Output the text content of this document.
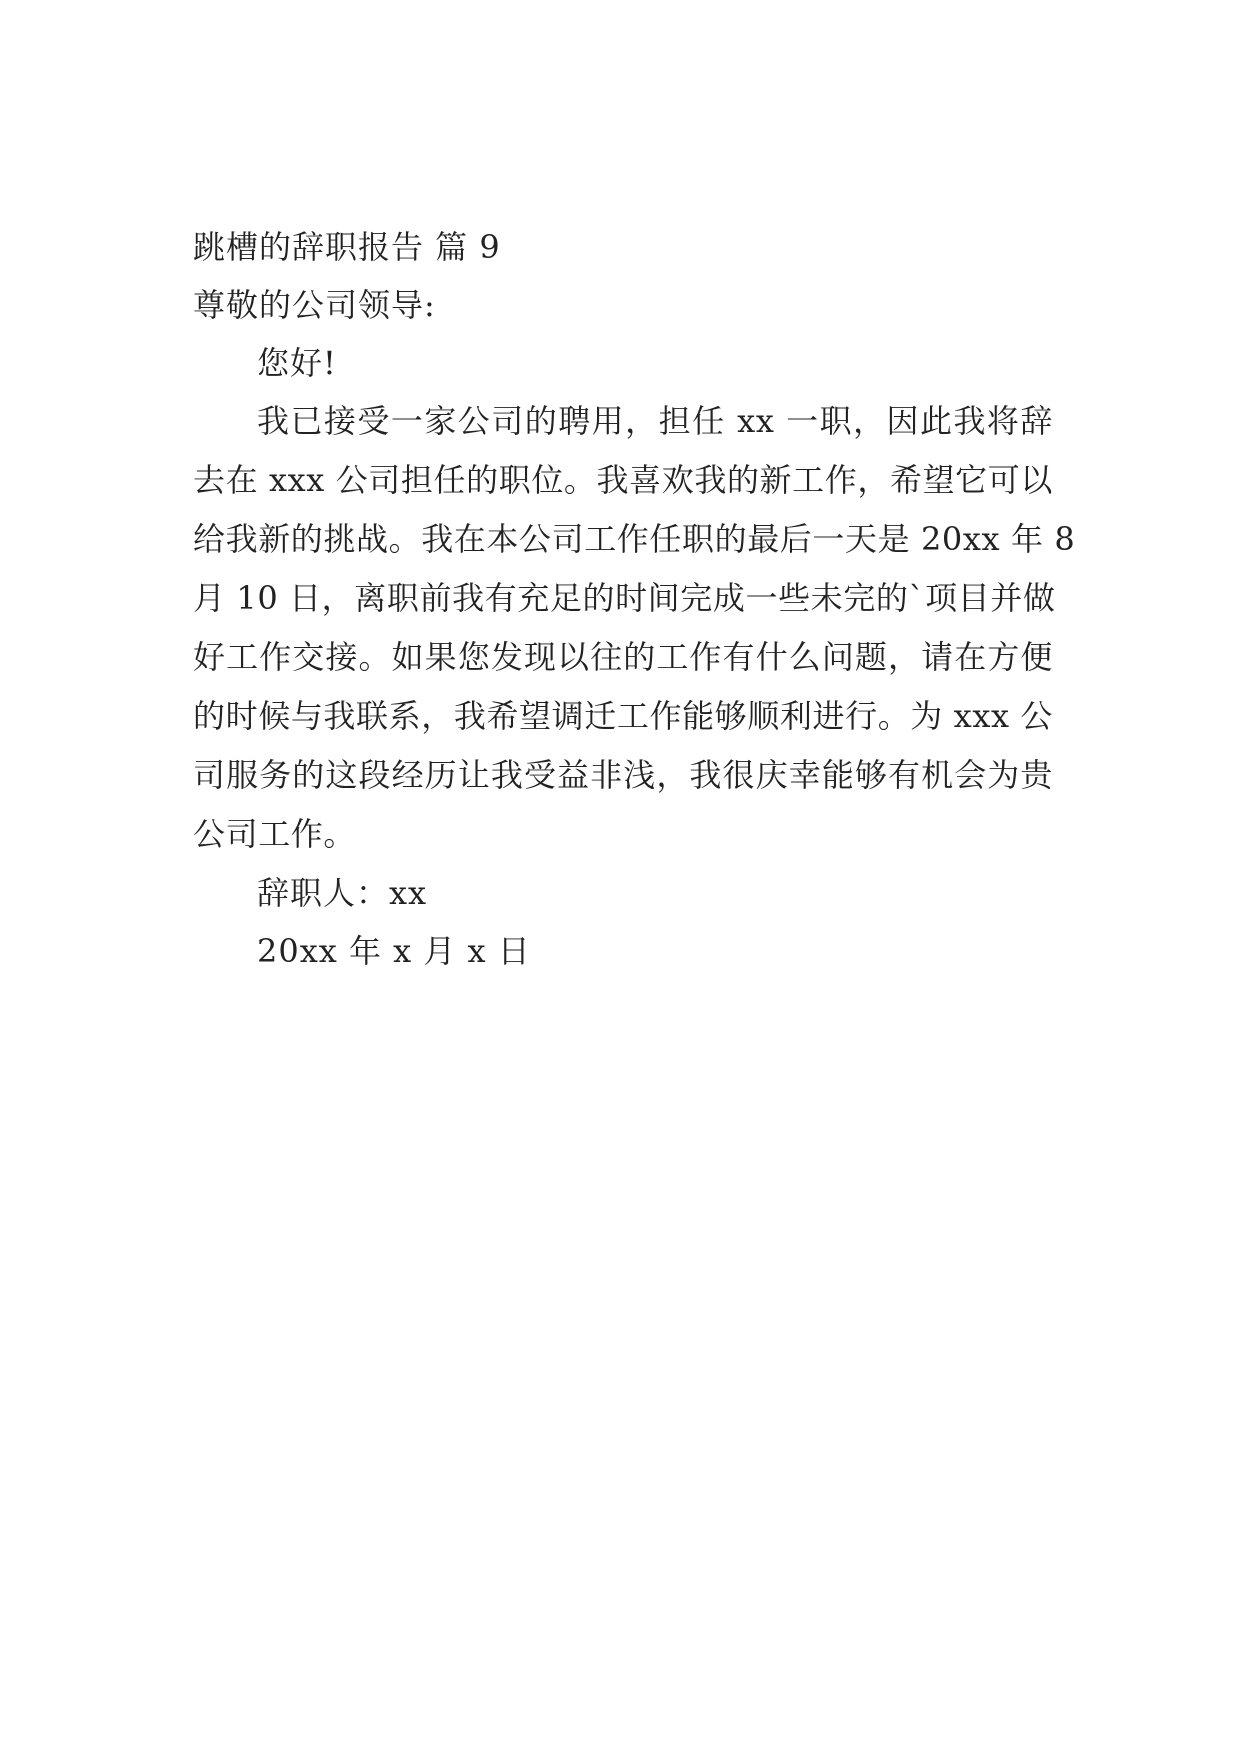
跳槽的辞职报告 篇 9
尊敬的公司领导:
您好!
我已接受一家公司的聘用，担任 xx 一职，因此我将辞
去在 xxx 公司担任的职位。我喜欢我的新工作，希望它可以
给我新的挑战。我在本公司工作任职的最后一天是 20xx 年 8
月 10 日，离职前我有充足的时间完成一些未完的`项目并做
好工作交接。如果您发现以往的工作有什么问题，请在方便
的时候与我联系，我希望调迁工作能够顺利进行。为 xxx 公
司服务的这段经历让我受益非浅，我很庆幸能够有机会为贵
公司工作。
辞职人：xx
20xx 年 x 月 x 日
